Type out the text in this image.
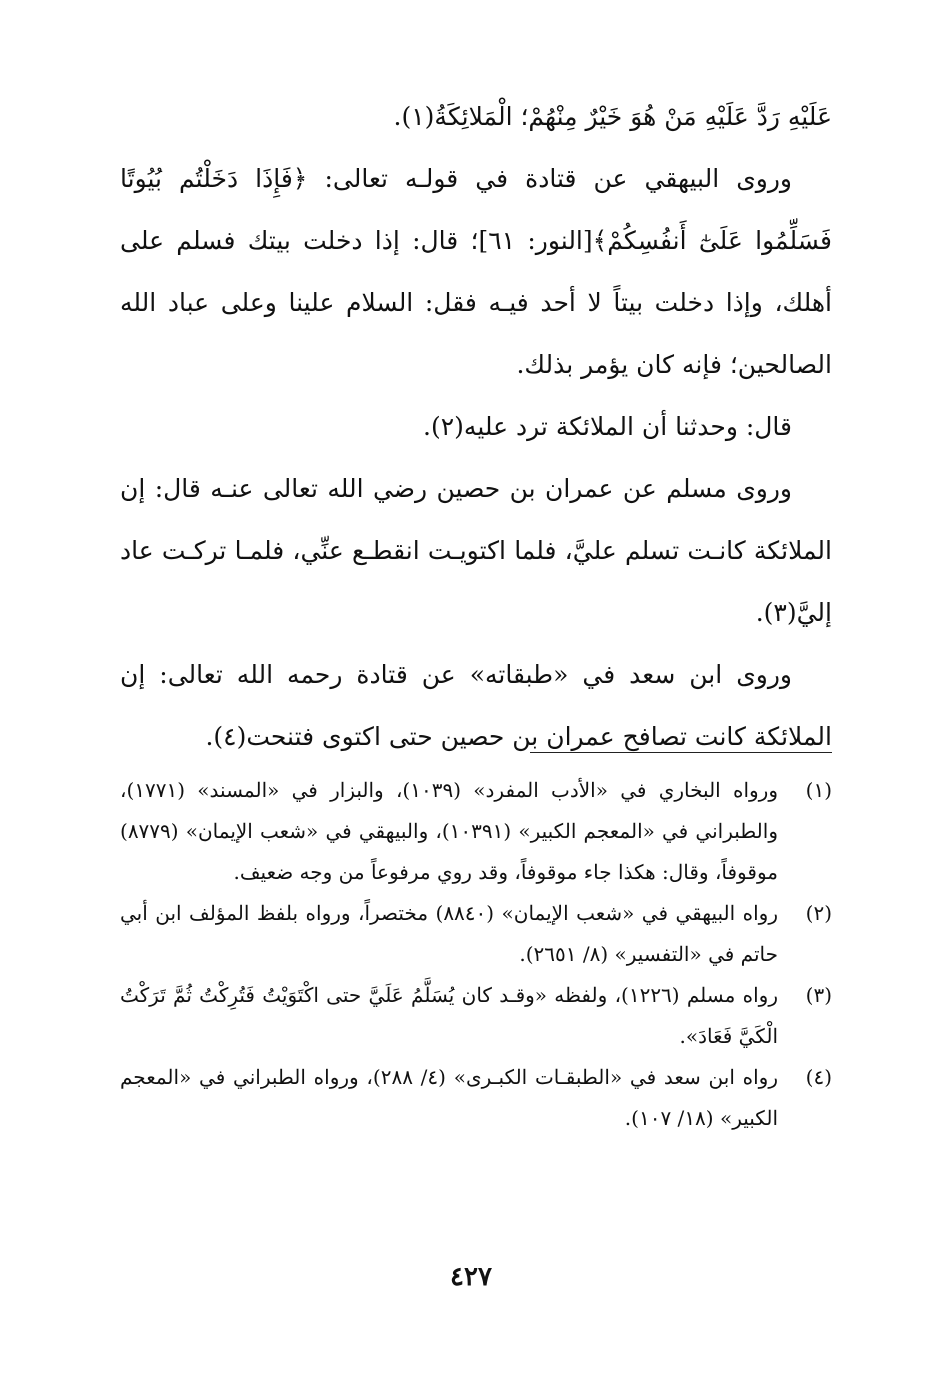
عَلَيْهِ رَدَّ عَلَيْهِ مَنْ هُوَ خَيْرٌ مِنْهُمْ؛ الْمَلائِكَةُ(١).

وروى البيهقي عن قتادة في قولـه تعالى: ﴿فَإِذَا دَخَلْتُم بُيُوتًا فَسَلِّمُوا عَلَىٰٓ أَنفُسِكُمْ﴾[النور: ٦١]؛ قال: إذا دخلت بيتك فسلم على أهلك، وإذا دخلت بيتاً لا أحد فيـه فقل: السلام علينا وعلى عباد الله الصالحين؛ فإنه كان يؤمر بذلك.

قال: وحدثنا أن الملائكة ترد عليه(٢).

وروى مسلم عن عمران بن حصين رضي الله تعالى عنـه قال: إن الملائكة كانـت تسلم عليَّ، فلما اكتويـت انقطـع عنِّي، فلمـا تركـت عاد إليَّ(٣).

وروى ابن سعد في «طبقاته» عن قتادة رحمه الله تعالى: إن الملائكة كانت تصافح عمران بن حصين حتى اكتوى فتنحت(٤).

(١)
ورواه البخاري في «الأدب المفرد» (١٠٣٩)، والبزار في «المسند» (١٧٧١)، والطبراني في «المعجم الكبير» (١٠٣٩١)، والبيهقي في «شعب الإيمان» (٨٧٧٩) موقوفاً، وقال: هكذا جاء موقوفاً، وقد روي مرفوعاً من وجه ضعيف.
(٢)
رواه البيهقي في «شعب الإيمان» (٨٨٤٠) مختصراً، ورواه بلفظ المؤلف ابن أبي حاتم في «التفسير» (٨/ ٢٦٥١).
(٣)
رواه مسلم (١٢٢٦)، ولفظه «وقـد كان يُسَلَّمُ عَلَيَّ حتى اكْتَوَيْتُ فَتُرِكْتُ ثُمَّ تَرَكْتُ الْكَيَّ فَعَادَ».
(٤)
رواه ابن سعد في «الطبقـات الكبـرى» (٤/ ٢٨٨)، ورواه الطبراني في «المعجم الكبير» (١٨/ ١٠٧).
٤٢٧
